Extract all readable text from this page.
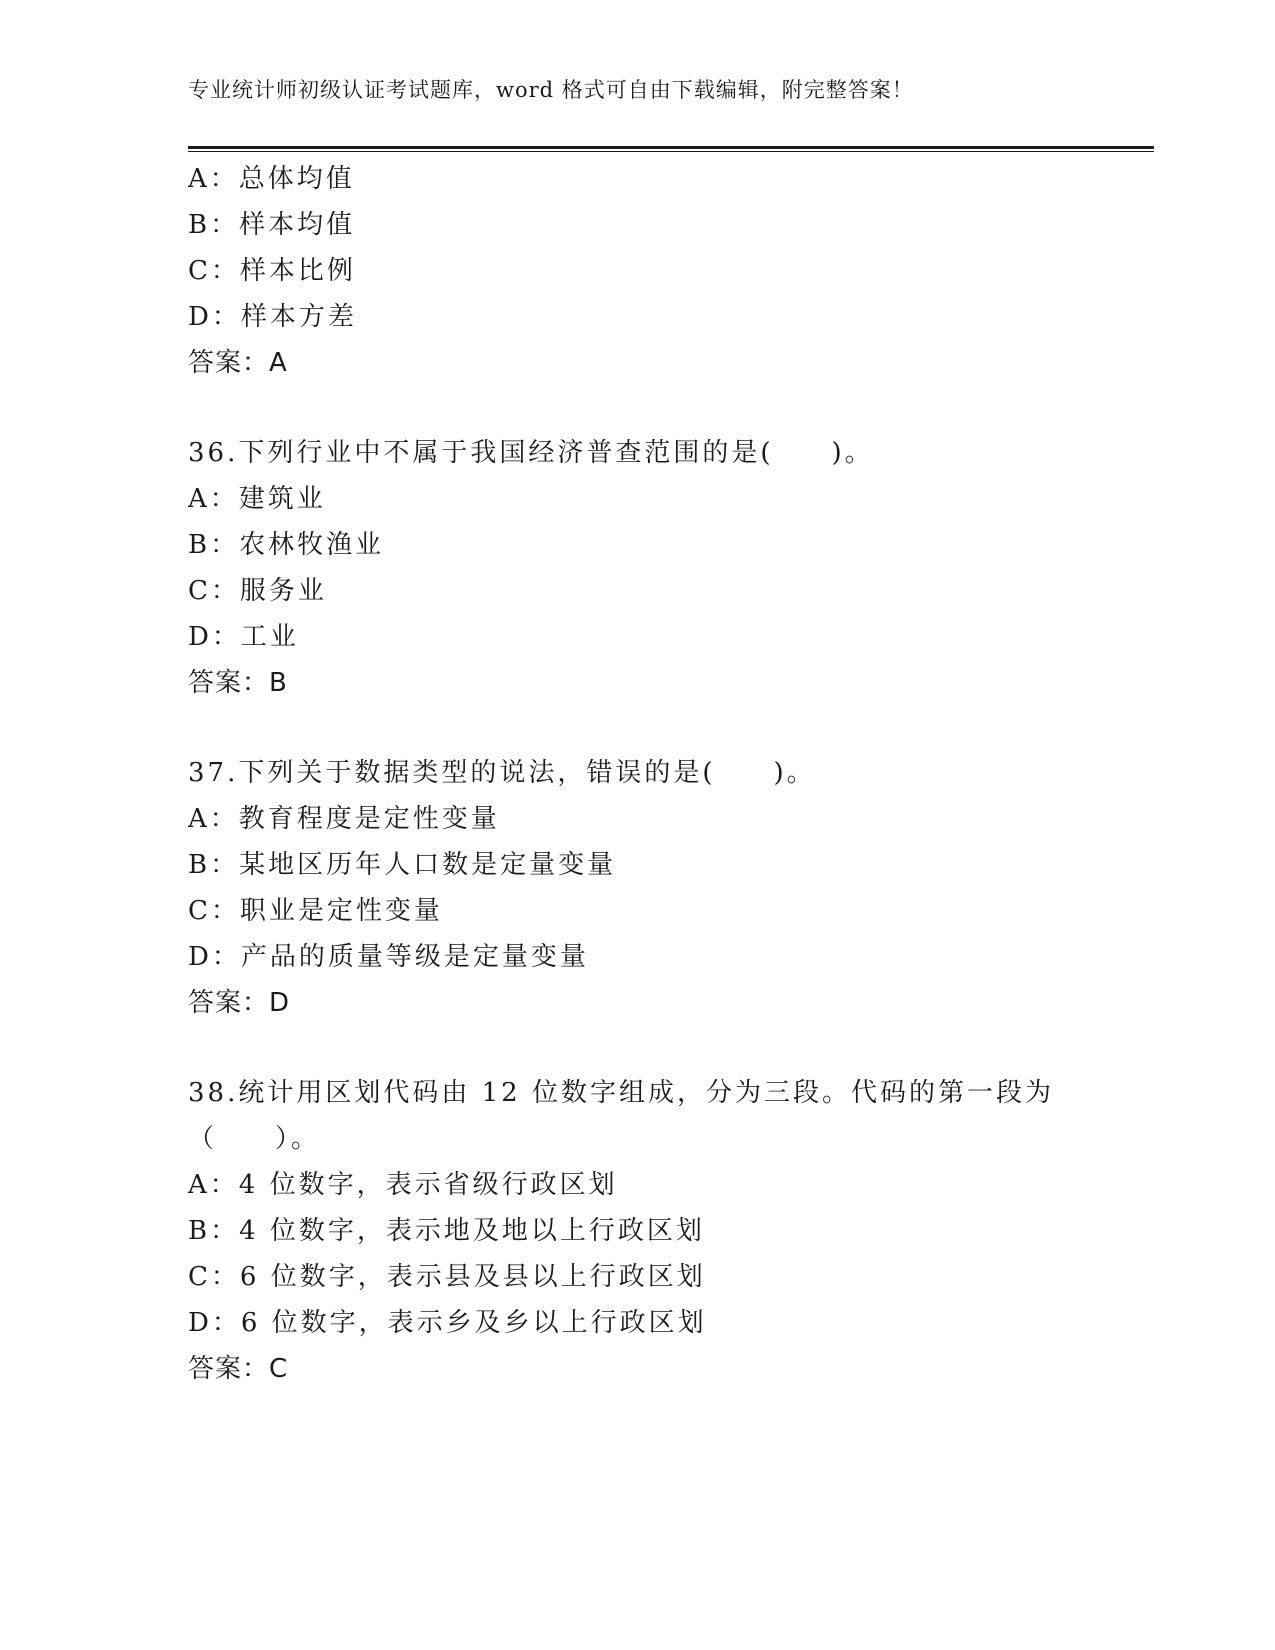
专业统计师初级认证考试题库，word 格式可自由下载编辑，附完整答案！
A：总体均值
B：样本均值
C：样本比例
D：样本方差
答案：A
36.下列行业中不属于我国经济普查范围的是(　　)。
A：建筑业
B：农林牧渔业
C：服务业
D：工业
答案：B
37.下列关于数据类型的说法，错误的是(　　)。
A：教育程度是定性变量
B：某地区历年人口数是定量变量
C：职业是定性变量
D：产品的质量等级是定量变量
答案：D
38.统计用区划代码由 12 位数字组成，分为三段。代码的第一段为（　　）。
A：4 位数字，表示省级行政区划
B：4 位数字，表示地及地以上行政区划
C：6 位数字，表示县及县以上行政区划
D：6 位数字，表示乡及乡以上行政区划
答案：C
